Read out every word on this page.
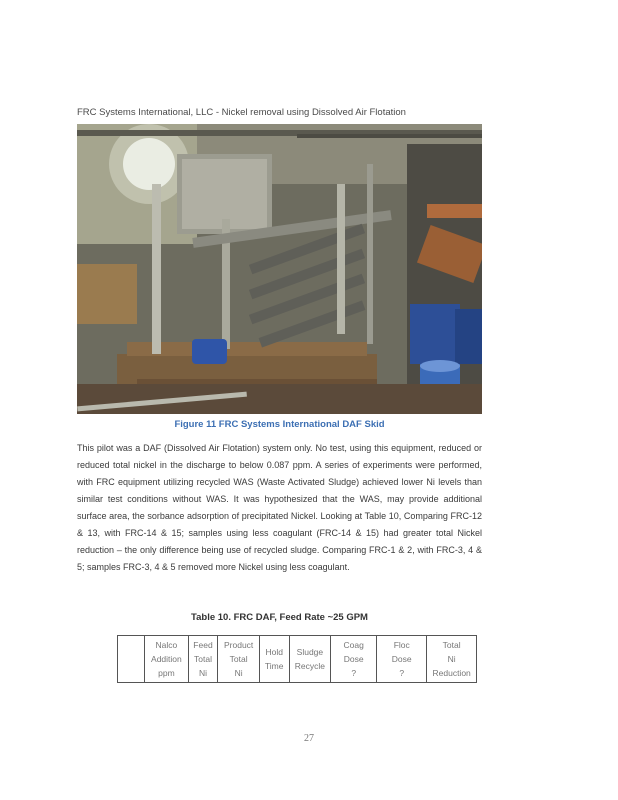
FRC Systems International, LLC - Nickel removal using Dissolved Air Flotation
Figure 11 FRC Systems International DAF Skid

This pilot was a DAF (Dissolved Air Flotation) system only. No test, using this equipment, reduced or reduced total nickel in the discharge to below 0.087 ppm. A series of experiments were performed, with FRC equipment utilizing recycled WAS (Waste Activated Sludge) achieved lower Ni levels than similar test conditions without WAS. It was hypothesized that the WAS, may provide additional surface area, the sorbance adsorption of precipitated Nickel. Looking at Table 10, Comparing FRC-12 & 13, with FRC-14 & 15; samples using less coagulant (FRC-14 & 15) had greater total Nickel reduction – the only difference being use of recycled sludge. Comparing FRC-1 & 2, with FRC-3, 4 & 5; samples FRC-3, 4 & 5 removed more Nickel using less coagulant.

Table 10. FRC DAF, Feed Rate ~25 GPM

Nalco
Addition
ppm

Feed
Total
Ni

Product
Total
Ni

Hold
Time

Sludge
Recycle

Coag
Dose
?

Floc
Dose
?

Total
Ni
Reduction
27
